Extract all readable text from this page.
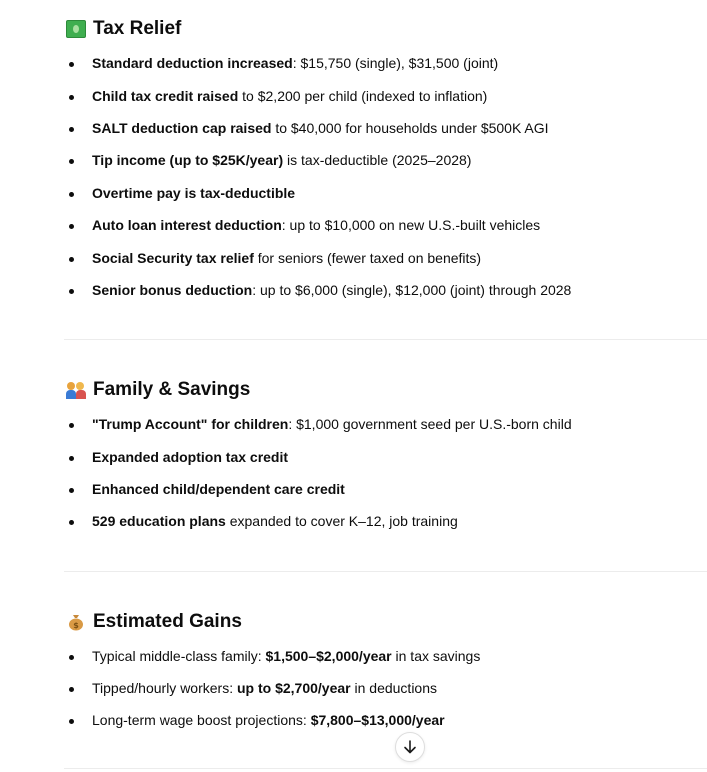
Tax Relief
Standard deduction increased: $15,750 (single), $31,500 (joint)
Child tax credit raised to $2,200 per child (indexed to inflation)
SALT deduction cap raised to $40,000 for households under $500K AGI
Tip income (up to $25K/year) is tax-deductible (2025–2028)
Overtime pay is tax-deductible
Auto loan interest deduction: up to $10,000 on new U.S.-built vehicles
Social Security tax relief for seniors (fewer taxed on benefits)
Senior bonus deduction: up to $6,000 (single), $12,000 (joint) through 2028
Family & Savings
"Trump Account" for children: $1,000 government seed per U.S.-born child
Expanded adoption tax credit
Enhanced child/dependent care credit
529 education plans expanded to cover K–12, job training
$ Estimated Gains
Typical middle-class family: $1,500–$2,000/year in tax savings
Tipped/hourly workers: up to $2,700/year in deductions
Long-term wage boost projections: $7,800–$13,000/year
